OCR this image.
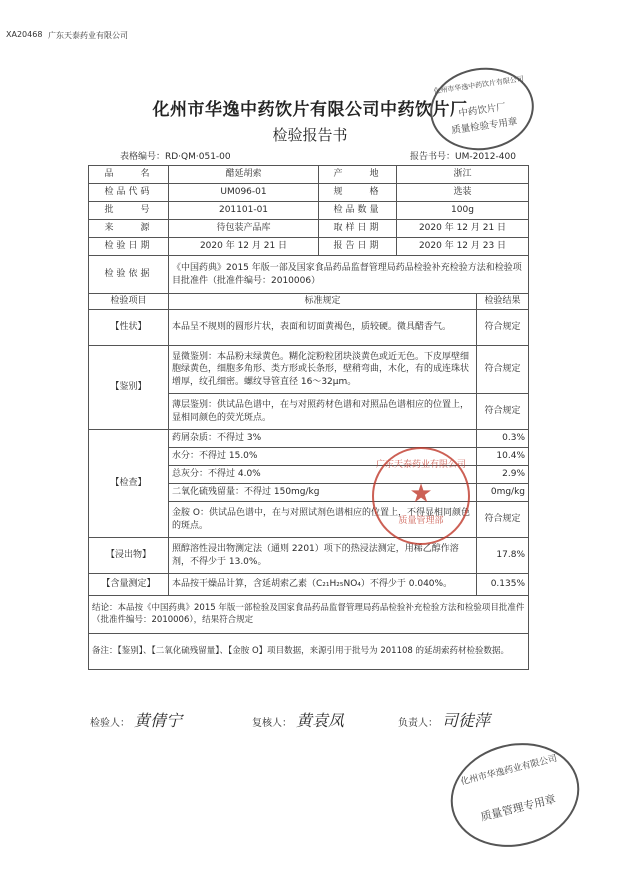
XA20468 广东天泰药业有限公司
化州市华逸中药饮片有限公司中药饮片厂
检验报告书
表格编号：RD·QM·051-00	报告书号：UM-2012-400
化州市华逸中药饮片有限公司
中药饮片厂
质量检验专用章
品　　名	醋延胡索	产　　地	浙江	
检品代码	UM096-01	规　　格	选装	
批　　号	201101-01	检品数量	100g	
来　　源	待包装产品库	取样日期	2020 年 12 月 21 日	
检验日期	2020 年 12 月 21 日	报告日期	2020 年 12 月 23 日	
检验依据	《中国药典》2015 年版一部及国家食品药品监督管理局药品检验补充检验方法和检验项目批准件（批准件编号：2010006）			
检验项目	标准规定			检验结果
【性状】	本品呈不规则的圆形片状，表面和切面黄褐色，质较硬。微具醋香气。			符合规定
【鉴别】	显微鉴别：本品粉末绿黄色。糊化淀粉粒团块淡黄色或近无色。下皮厚壁细胞绿黄色，细胞多角形、类方形或长条形，壁稍弯曲，木化，有的成连珠状增厚，纹孔细密。螺纹导管直径 16～32μm。			符合规定
	薄层鉴别：供试品色谱中，在与对照药材色谱和对照品色谱相应的位置上，显相同颜色的荧光斑点。			符合规定
【检查】	药屑杂质：不得过 3%			0.3%
	水分：不得过 15.0%			10.4%
	总灰分：不得过 4.0%			2.9%
	二氧化硫残留量：不得过 150mg/kg			0mg/kg
	金胺 O：供试品色谱中，在与对照试剂色谱相应的位置上，不得显相同颜色的斑点。			符合规定
【浸出物】	照醇溶性浸出物测定法（通则 2201）项下的热浸法测定，用稀乙醇作溶剂，不得少于 13.0%。			17.8%
【含量测定】	本品按干燥品计算，含延胡索乙素（C₂₁H₂₅NO₄）不得少于 0.040%。			0.135%
结论：本品按《中国药典》2015 年版一部检验及国家食品药品监督管理局药品检验补充检验方法和检验项目批准件（批准件编号：2010006），结果符合规定				
备注：【鉴别】、【二氧化硫残留量】、【金胺 O】项目数据，来源引用于批号为 201108 的延胡索药材检验数据。				
广东天泰药业有限公司
★
质量管理部
检验人： 黄倩宁	复核人： 黄袁凤	负责人： 司徒萍
化州市华逸药业有限公司
质量管理专用章
